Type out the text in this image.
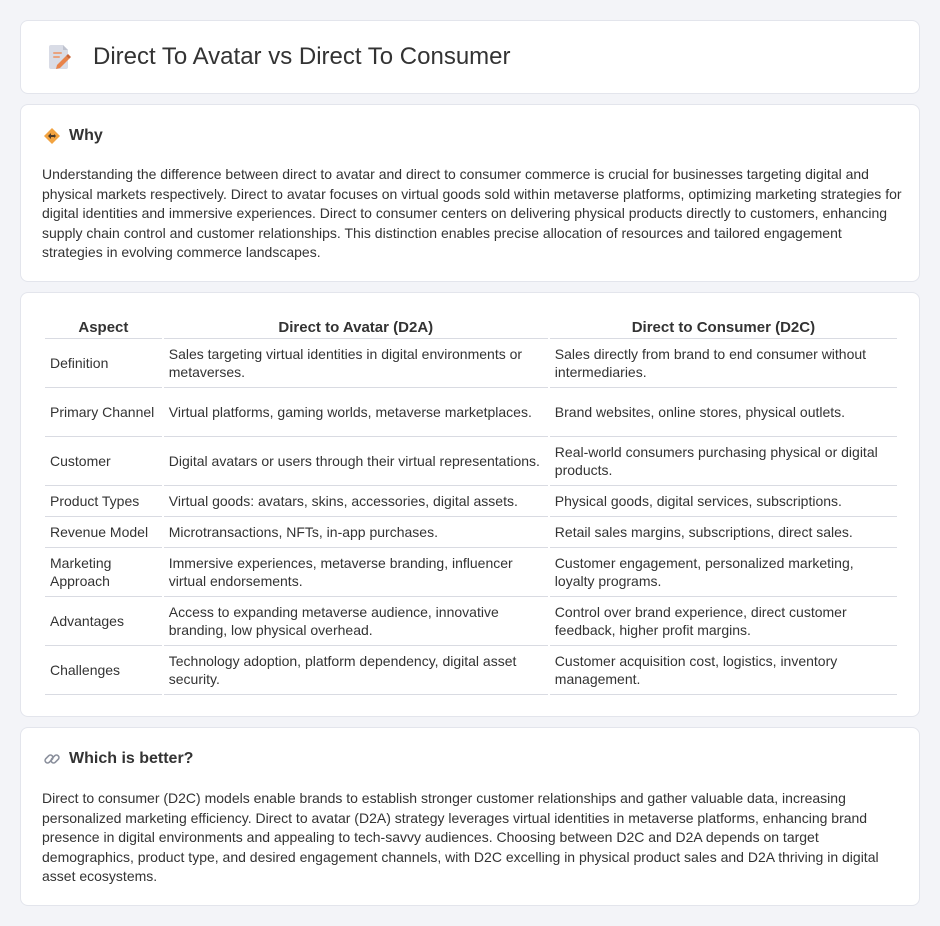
Direct To Avatar vs Direct To Consumer
Why

Understanding the difference between direct to avatar and direct to consumer commerce is crucial for businesses targeting digital and physical markets respectively. Direct to avatar focuses on virtual goods sold within metaverse platforms, optimizing marketing strategies for digital identities and immersive experiences. Direct to consumer centers on delivering physical products directly to customers, enhancing supply chain control and customer relationships. This distinction enables precise allocation of resources and tailored engagement strategies in evolving commerce landscapes.

Aspect	Direct to Avatar (D2A)	Direct to Consumer (D2C)
Definition	Sales targeting virtual identities in digital environments or metaverses.	Sales directly from brand to end consumer without intermediaries.
Primary Channel	Virtual platforms, gaming worlds, metaverse marketplaces.	Brand websites, online stores, physical outlets.
Customer	Digital avatars or users through their virtual representations.	Real-world consumers purchasing physical or digital products.
Product Types	Virtual goods: avatars, skins, accessories, digital assets.	Physical goods, digital services, subscriptions.
Revenue Model	Microtransactions, NFTs, in-app purchases.	Retail sales margins, subscriptions, direct sales.
Marketing Approach	Immersive experiences, metaverse branding, influencer virtual endorsements.	Customer engagement, personalized marketing, loyalty programs.
Advantages	Access to expanding metaverse audience, innovative branding, low physical overhead.	Control over brand experience, direct customer feedback, higher profit margins.
Challenges	Technology adoption, platform dependency, digital asset security.	Customer acquisition cost, logistics, inventory management.
Which is better?

Direct to consumer (D2C) models enable brands to establish stronger customer relationships and gather valuable data, increasing personalized marketing efficiency. Direct to avatar (D2A) strategy leverages virtual identities in metaverse platforms, enhancing brand presence in digital environments and appealing to tech-savvy audiences. Choosing between D2C and D2A depends on target demographics, product type, and desired engagement channels, with D2C excelling in physical product sales and D2A thriving in digital asset ecosystems.
